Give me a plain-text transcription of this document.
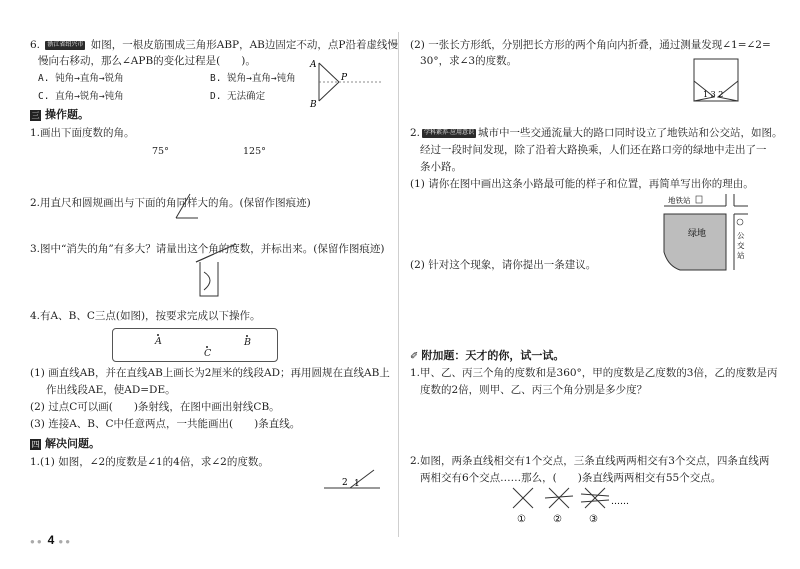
6. 浙江省绍兴市 如图，一根皮筋围成三角形ABP，AB边固定不动，点P沿着虚线慢
慢向右移动，那么∠APB的变化过程是(　　)。
A. 钝角→直角→锐角	B. 锐角→直角→钝角
C. 直角→锐角→钝角	D. 无法确定
A
P
B
三 操作题。
1.画出下面度数的角。
75°	125°
2.用直尺和圆规画出与下面的角同样大的角。(保留作图痕迹)
3.图中“消失的角”有多大？请量出这个角的度数，并标出来。(保留作图痕迹)
4.有A、B、C三点(如图)，按要求完成以下操作。
A	B
C
(1) 画直线AB，并在直线AB上画长为2厘米的线段AD；再用圆规在直线AB上
作出线段AE，使AD=DE。
(2) 过点C可以画(　　)条射线，在图中画出射线CB。
(3) 连接A、B、C中任意两点，一共能画出(　　)条直线。
四 解决问题。
1.(1) 如图，∠2的度数是∠1的4倍，求∠2的度数。
2 1
(2) 一张长方形纸，分别把长方形的两个角向内折叠，通过测量发现∠1=∠2=
30°，求∠3的度数。
1 3 2
2. 学科素养·应用意识 城市中一些交通流量大的路口同时设立了地铁站和公交站，如图。
经过一段时间发现，除了沿着大路换乘，人们还在路口旁的绿地中走出了一
条小路。
(1) 请你在图中画出这条小路最可能的样子和位置，再简单写出你的理由。
地铁站
绿地	公
交
站
(2) 针对这个现象，请你提出一条建议。
✐ 附加题：天才的你，试一试。
1.甲、乙、丙三个角的度数和是360°，甲的度数是乙度数的3倍，乙的度数是丙
度数的2倍，则甲、乙、丙三个角分别是多少度？
2.如图，两条直线相交有1个交点，三条直线两两相交有3个交点，四条直线两
两相交有6个交点……那么，(　　)条直线两两相交有55个交点。
……
①	②	③
●● 4 ●●
